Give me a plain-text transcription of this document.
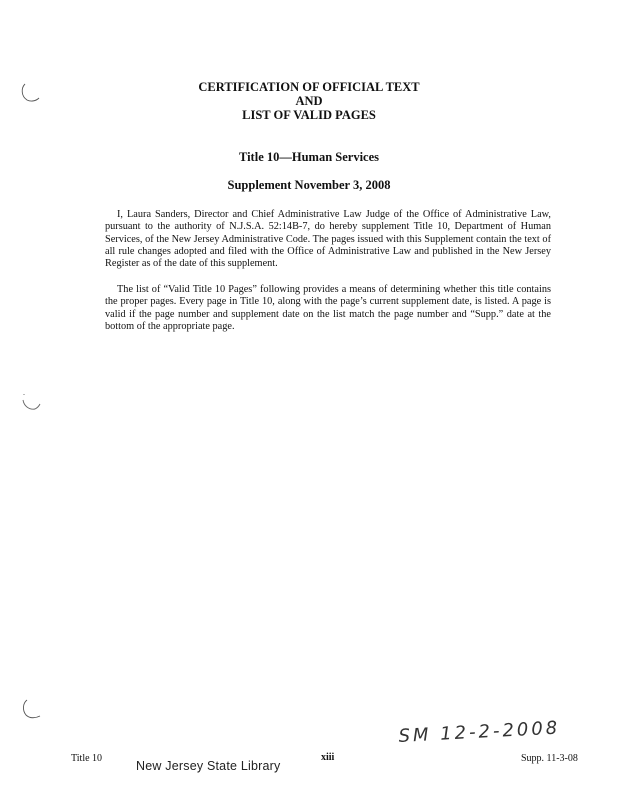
CERTIFICATION OF OFFICIAL TEXT
AND
LIST OF VALID PAGES
Title 10—Human Services
Supplement November 3, 2008
I, Laura Sanders, Director and Chief Administrative Law Judge of the Office of Administrative Law, pursuant to the authority of N.J.S.A. 52:14B-7, do hereby supplement Title 10, Department of Human Services, of the New Jersey Administrative Code. The pages issued with this Supplement contain the text of all rule changes adopted and filed with the Office of Administrative Law and published in the New Jersey Register as of the date of this supplement.
The list of “Valid Title 10 Pages” following provides a means of determining whether this title contains the proper pages. Every page in Title 10, along with the page’s current supplement date, is listed. A page is valid if the page number and supplement date on the list match the page number and “Supp.” date at the bottom of the appropriate page.
SM 12-2-2008
Title 10
New Jersey State Library
xiii	Supp. 11-3-08
